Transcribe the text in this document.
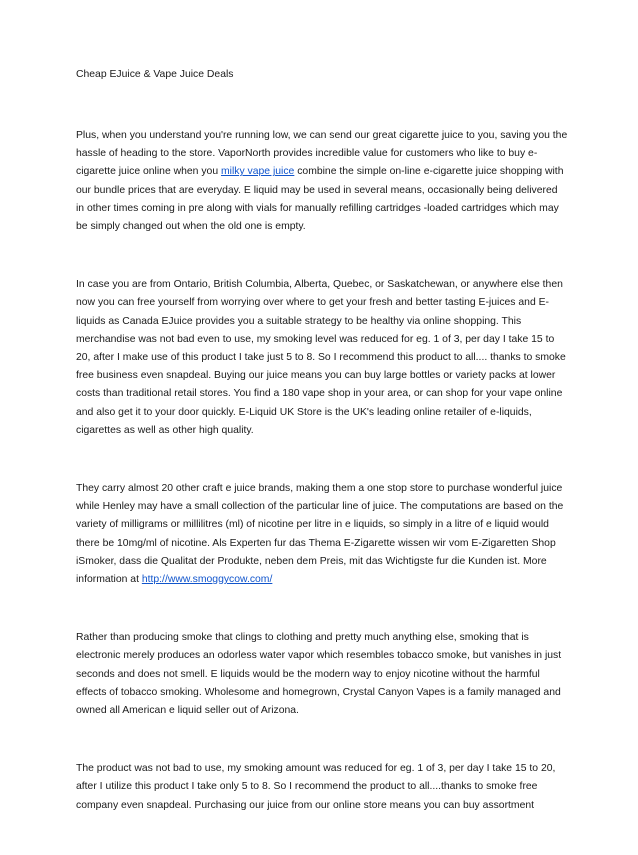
Cheap EJuice & Vape Juice Deals

Plus, when you understand you're running low, we can send our great cigarette juice to you, saving you the hassle of heading to the store. VaporNorth provides incredible value for customers who like to buy e-cigarette juice online when you milky vape juice combine the simple on-line e-cigarette juice shopping with our bundle prices that are everyday. E liquid may be used in several means, occasionally being delivered in other times coming in pre along with vials for manually refilling cartridges -loaded cartridges which may be simply changed out when the old one is empty.

In case you are from Ontario, British Columbia, Alberta, Quebec, or Saskatchewan, or anywhere else then now you can free yourself from worrying over where to get your fresh and better tasting E-juices and E-liquids as Canada EJuice provides you a suitable strategy to be healthy via online shopping. This merchandise was not bad even to use, my smoking level was reduced for eg. 1 of 3, per day I take 15 to 20, after I make use of this product I take just 5 to 8. So I recommend this product to all.... thanks to smoke free business even snapdeal. Buying our juice means you can buy large bottles or variety packs at lower costs than traditional retail stores. You find a 180 vape shop in your area, or can shop for your vape online and also get it to your door quickly. E-Liquid UK Store is the UK's leading online retailer of e-liquids, cigarettes as well as other high quality.

They carry almost 20 other craft e juice brands, making them a one stop store to purchase wonderful juice while Henley may have a small collection of the particular line of juice. The computations are based on the variety of milligrams or millilitres (ml) of nicotine per litre in e liquids, so simply in a litre of e liquid would there be 10mg/ml of nicotine. Als Experten fur das Thema E-Zigarette wissen wir vom E-Zigaretten Shop iSmoker, dass die Qualitat der Produkte, neben dem Preis, mit das Wichtigste fur die Kunden ist. More information at http://www.smoggycow.com/

Rather than producing smoke that clings to clothing and pretty much anything else, smoking that is electronic merely produces an odorless water vapor which resembles tobacco smoke, but vanishes in just seconds and does not smell. E liquids would be the modern way to enjoy nicotine without the harmful effects of tobacco smoking. Wholesome and homegrown, Crystal Canyon Vapes is a family managed and owned all American e liquid seller out of Arizona.

The product was not bad to use, my smoking amount was reduced for eg. 1 of 3, per day I take 15 to 20, after I utilize this product I take only 5 to 8. So I recommend the product to all....thanks to smoke free company even snapdeal. Purchasing our juice from our online store means you can buy assortment
